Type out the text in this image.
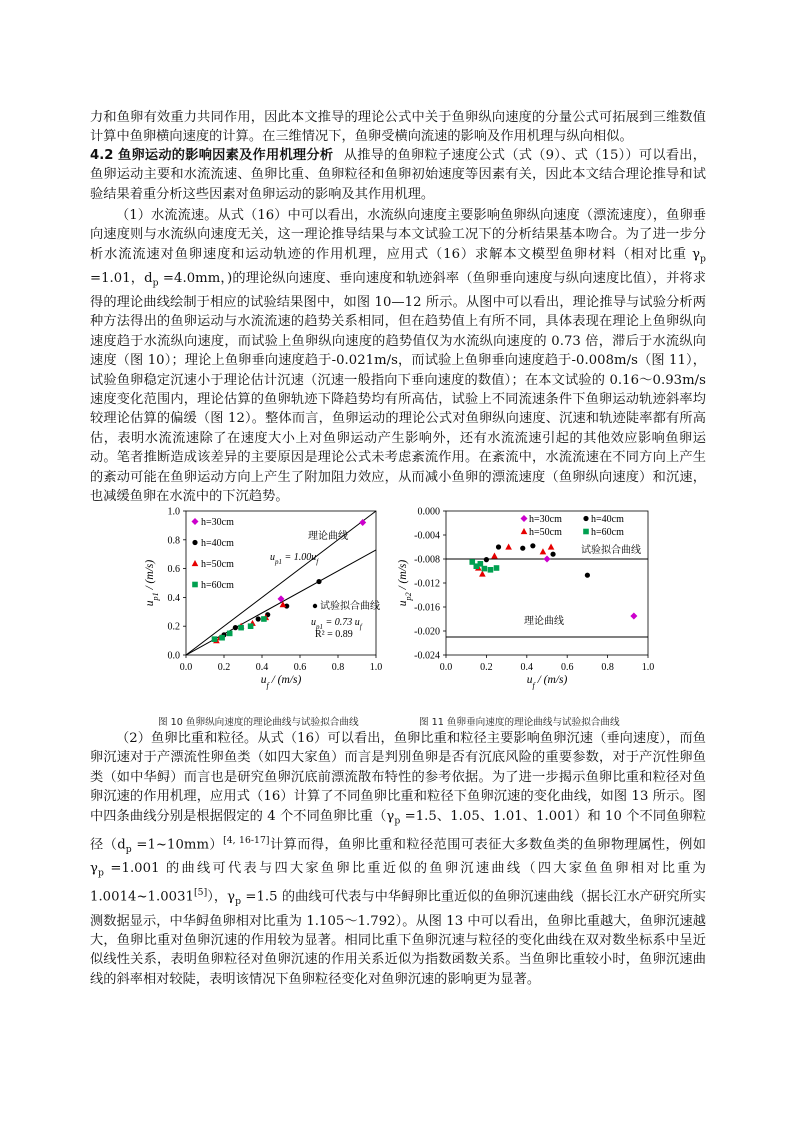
力和鱼卵有效重力共同作用，因此本文推导的理论公式中关于鱼卵纵向速度的分量公式可拓展到三维数值计算中鱼卵横向速度的计算。在三维情况下，鱼卵受横向流速的影响及作用机理与纵向相似。

4.2 鱼卵运动的影响因素及作用机理分析 从推导的鱼卵粒子速度公式（式（9）、式（15））可以看出，鱼卵运动主要和水流流速、鱼卵比重、鱼卵粒径和鱼卵初始速度等因素有关，因此本文结合理论推导和试验结果着重分析这些因素对鱼卵运动的影响及其作用机理。

（1）水流流速。从式（16）中可以看出，水流纵向速度主要影响鱼卵纵向速度（漂流速度），鱼卵垂向速度则与水流纵向速度无关，这一理论推导结果与本文试验工况下的分析结果基本吻合。为了进一步分析水流流速对鱼卵速度和运动轨迹的作用机理，应用式（16）求解本文模型鱼卵材料（相对比重 $\gamma_p =1.01$，$d_p =4.0mm$，)的理论纵向速度、垂向速度和轨迹斜率（鱼卵垂向速度与纵向速度比值），并将求得的理论曲线绘制于相应的试验结果图中，如图 10—12 所示。从图中可以看出，理论推导与试验分析两种方法得出的鱼卵运动与水流流速的趋势关系相同，但在趋势值上有所不同，具体表现在理论上鱼卵纵向速度趋于水流纵向速度，而试验上鱼卵纵向速度的趋势值仅为水流纵向速度的 0.73 倍，滞后于水流纵向速度（图 10）；理论上鱼卵垂向速度趋于-0.021m/s，而试验上鱼卵垂向速度趋于-0.008m/s（图 11），试验鱼卵稳定沉速小于理论估计沉速（沉速一般指向下垂向速度的数值）；在本文试验的 0.16～0.93m/s 速度变化范围内，理论估算的鱼卵轨迹下降趋势均有所高估，试验上不同流速条件下鱼卵运动轨迹斜率均较理论估算的偏缓（图 12）。整体而言，鱼卵运动的理论公式对鱼卵纵向速度、沉速和轨迹陡率都有所高估，表明水流流速除了在速度大小上对鱼卵运动产生影响外，还有水流流速引起的其他效应影响鱼卵运动。笔者推断造成该差异的主要原因是理论公式未考虑紊流作用。在紊流中，水流流速在不同方向上产生的紊动可能在鱼卵运动方向上产生了附加阻力效应，从而减小鱼卵的漂流速度（鱼卵纵向速度）和沉速，也减缓鱼卵在水流中的下沉趋势。

0.0	0.2	0.4	0.6	0.8	1.0
0.0
0.2
0.4
0.6
0.8
1.0
$u_f / (m/s)$
$u_{p1} / (m/s)$
h=30cm
h=40cm
h=50cm
h=60cm
理论曲线
$u_{p1} = 1.00u_f$
试验拟合曲线
$u_{p1} = 0.73$ $u_f$
R² = 0.89
图 10 鱼卵纵向速度的理论曲线与试验拟合曲线
0.0	0.2	0.4	0.6	0.8	1.0
0.000
-0.004
-0.008
-0.012
-0.016
-0.020
-0.024
$u_f / (m/s)$
$u_{p2} / (m/s)$
h=30cm	h=40cm
h=50cm	h=60cm
试验拟合曲线
理论曲线
图 11 鱼卵垂向速度的理论曲线与试验拟合曲线

（2）鱼卵比重和粒径。从式（16）可以看出，鱼卵比重和粒径主要影响鱼卵沉速（垂向速度），而鱼卵沉速对于产漂流性卵鱼类（如四大家鱼）而言是判別鱼卵是否有沉底风险的重要参数，对于产沉性卵鱼类（如中华鲟）而言也是研究鱼卵沉底前漂流散布特性的参考依据。为了进一步揭示鱼卵比重和粒径对鱼卵沉速的作用机理，应用式（16）计算了不同鱼卵比重和粒径下鱼卵沉速的变化曲线，如图 13 所示。图中四条曲线分别是根据假定的 4 个不同鱼卵比重（$\gamma_p =1.5$、1.05、1.01、1.001）和 10 个不同鱼卵粒径（$d_p$ =1~10mm）[4, 16-17]计算而得，鱼卵比重和粒径范围可表征大多数鱼类的鱼卵物理属性，例如 $\gamma_p =1.001$ 的曲线可代表与四大家鱼卵比重近似的鱼卵沉速曲线（四大家鱼鱼卵相对比重为 1.0014~1.0031[5]），$\gamma_p =1.5$ 的曲线可代表与中华鲟卵比重近似的鱼卵沉速曲线（据长江水产研究所实测数据显示，中华鲟鱼卵相对比重为 1.105～1.792）。从图 13 中可以看出，鱼卵比重越大，鱼卵沉速越大，鱼卵比重对鱼卵沉速的作用较为显著。相同比重下鱼卵沉速与粒径的变化曲线在双对数坐标系中呈近似线性关系，表明鱼卵粒径对鱼卵沉速的作用关系近似为指数函数关系。当鱼卵比重较小时，鱼卵沉速曲线的斜率相对较陡，表明该情况下鱼卵粒径变化对鱼卵沉速的影响更为显著。
